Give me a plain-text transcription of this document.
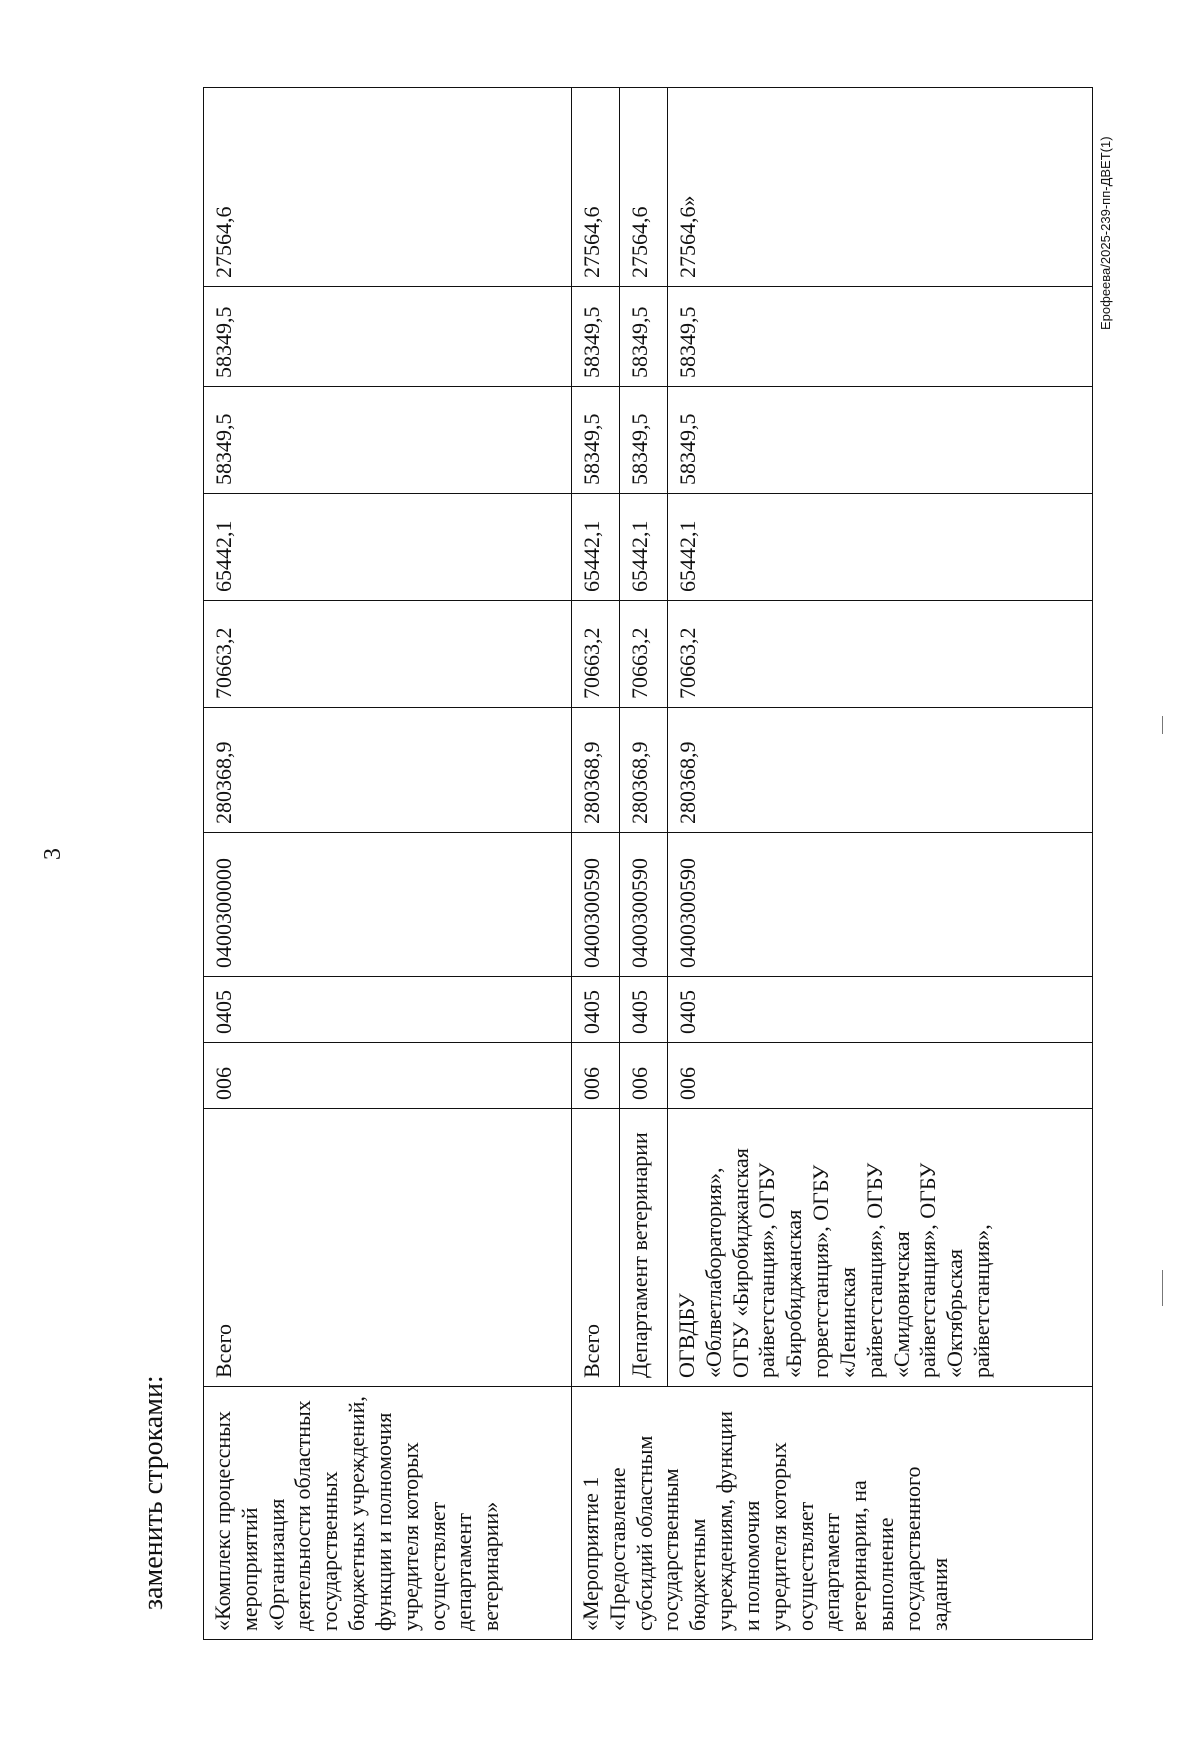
3
заменить строками:
Ерофеева/2025-239-пп-ДВЕТ(1)
«Комплекс процессных мероприятий «Организация деятельности областных государственных бюджетных учреждений, функции и полномочия учредителя которых осуществляет департамент ветеринарии»	Всего	006	0405	0400300000	280368,9	70663,2	65442,1	58349,5	58349,5	27564,6
«Мероприятие 1 «Предоставление субсидий областным государственным бюджетным учреждениям, функции и полномочия учредителя которых осуществляет департамент ветеринарии, на выполнение государственного задания	Всего	006	0405	0400300590	280368,9	70663,2	65442,1	58349,5	58349,5	27564,6
	Департамент ветеринарии	006	0405	0400300590	280368,9	70663,2	65442,1	58349,5	58349,5	27564,6
	ОГВДБУ «Облветлаборатория», ОГБУ «Биробиджанская райветстанция», ОГБУ «Биробиджанская горветстанция», ОГБУ «Ленинская райветстанция», ОГБУ «Смидовичская райветстанция», ОГБУ «Октябрьская райветстанция»,	006	0405	0400300590	280368,9	70663,2	65442,1	58349,5	58349,5	27564,6»
